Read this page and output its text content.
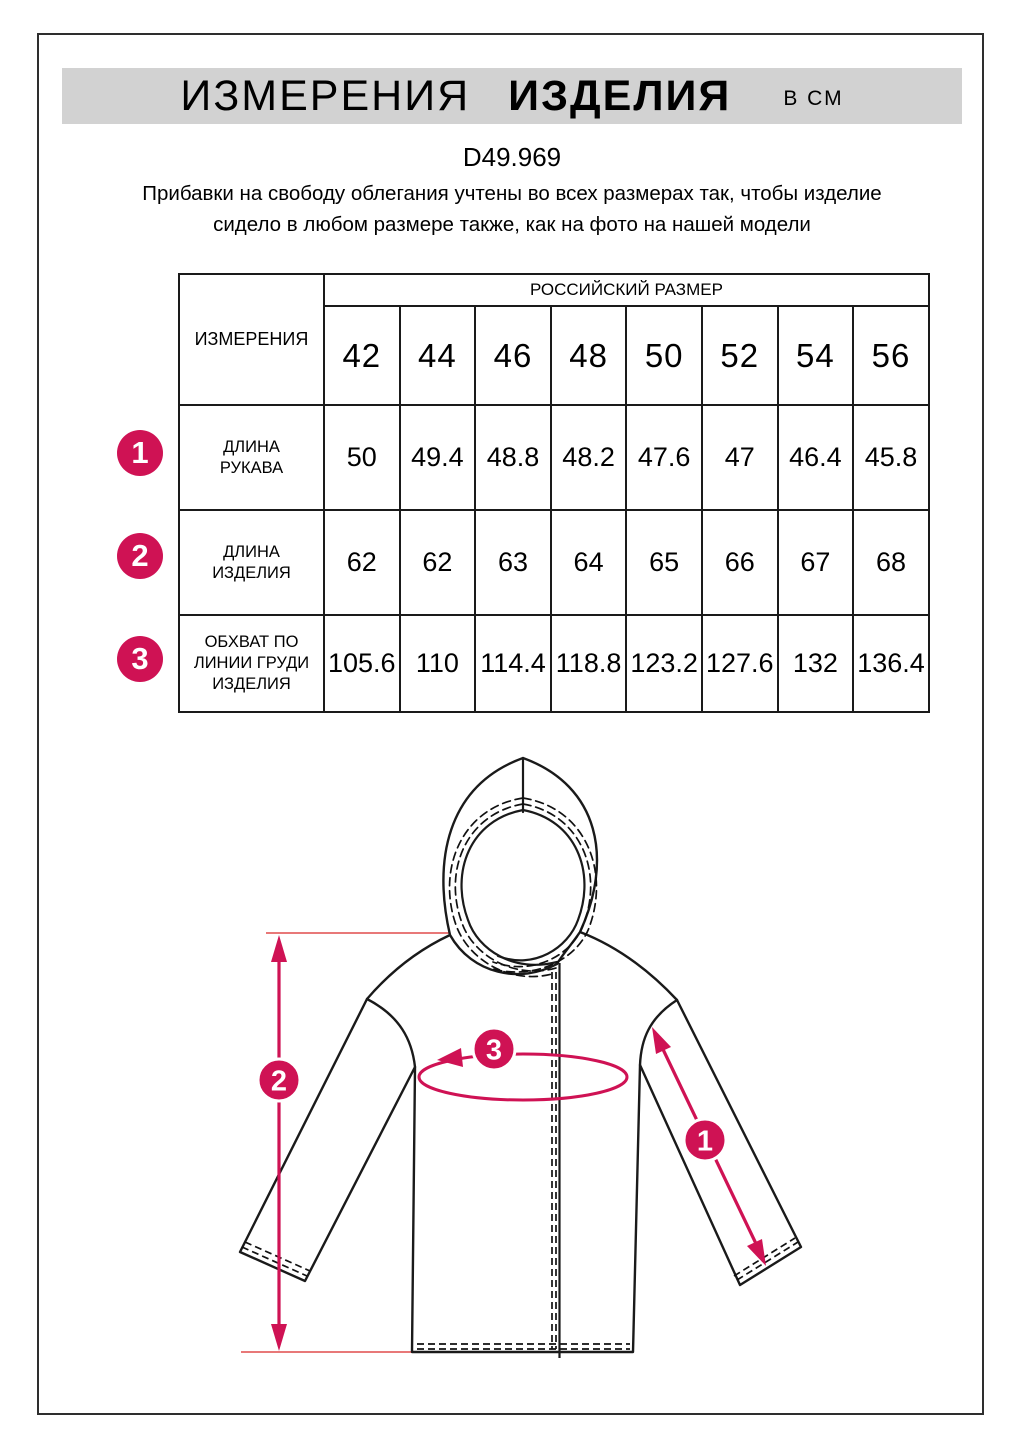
ИЗМЕРЕНИЯ ИЗДЕЛИЯ В СМ
D49.969
Прибавки на свободу облегания учтены во всех размерах так, чтобы изделие сидело в любом размере также, как на фото на нашей модели
ИЗМЕРЕНИЯ	РОССИЙСКИЙ РАЗМЕР							
	42	44	46	48	50	52	54	56
ДЛИНА РУКАВА	50	49.4	48.8	48.2	47.6	47	46.4	45.8
ДЛИНА ИЗДЕЛИЯ	62	62	63	64	65	66	67	68
ОБХВАТ ПО ЛИНИИ ГРУДИ ИЗДЕЛИЯ	105.6	110	114.4	118.8	123.2	127.6	132	136.4
1
2
3
1
2
3
